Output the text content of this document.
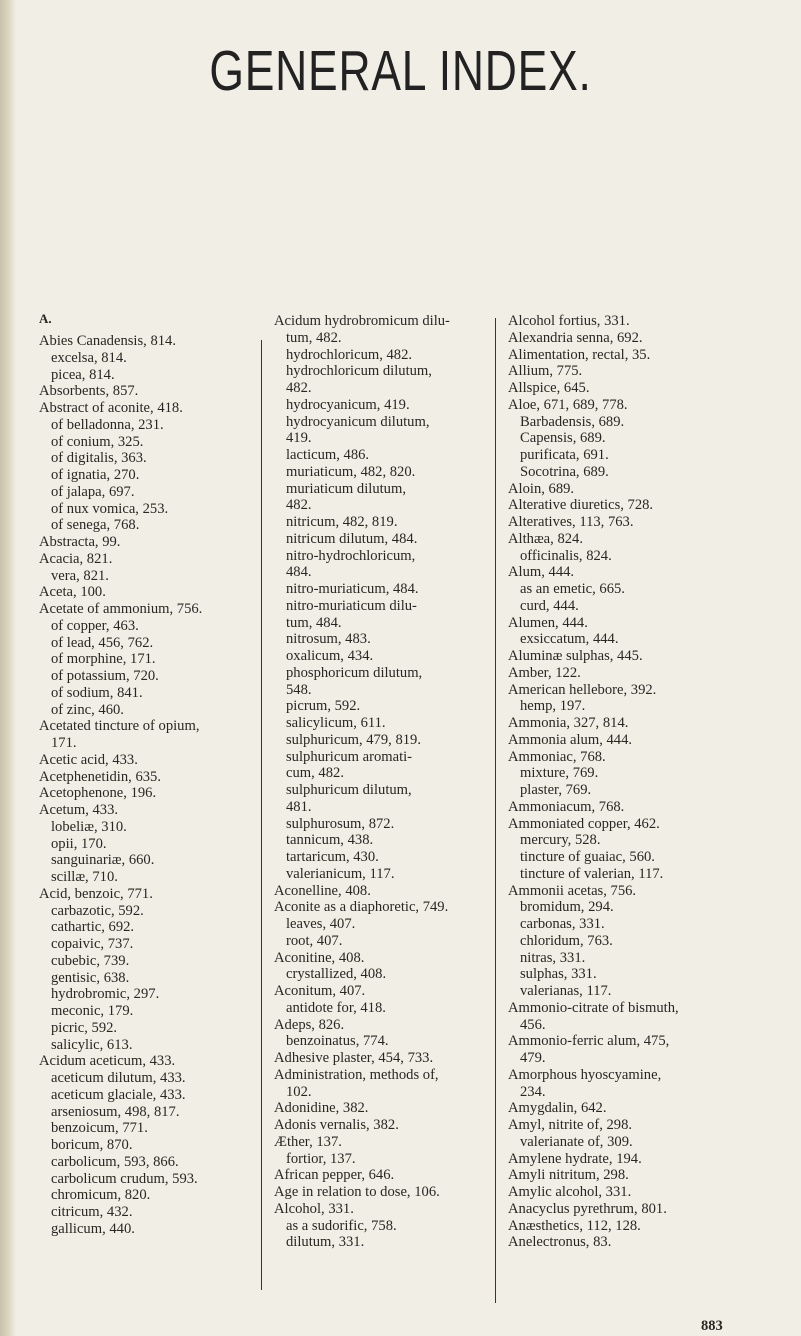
GENERAL INDEX.
A.
Abies Canadensis, 814.
excelsa, 814.
picea, 814.
Absorbents, 857.
Abstract of aconite, 418.
of belladonna, 231.
of conium, 325.
of digitalis, 363.
of ignatia, 270.
of jalapa, 697.
of nux vomica, 253.
of senega, 768.
Abstracta, 99.
Acacia, 821.
vera, 821.
Aceta, 100.
Acetate of ammonium, 756.
of copper, 463.
of lead, 456, 762.
of morphine, 171.
of potassium, 720.
of sodium, 841.
of zinc, 460.
Acetated tincture of opium,
171.
Acetic acid, 433.
Acetphenetidin, 635.
Acetophenone, 196.
Acetum, 433.
lobeliæ, 310.
opii, 170.
sanguinariæ, 660.
scillæ, 710.
Acid, benzoic, 771.
carbazotic, 592.
cathartic, 692.
copaivic, 737.
cubebic, 739.
gentisic, 638.
hydrobromic, 297.
meconic, 179.
picric, 592.
salicylic, 613.
Acidum aceticum, 433.
aceticum dilutum, 433.
aceticum glaciale, 433.
arseniosum, 498, 817.
benzoicum, 771.
boricum, 870.
carbolicum, 593, 866.
carbolicum crudum, 593.
chromicum, 820.
citricum, 432.
gallicum, 440.
Acidum hydrobromicum dilu-
tum, 482.
hydrochloricum, 482.
hydrochloricum dilutum,
482.
hydrocyanicum, 419.
hydrocyanicum dilutum,
419.
lacticum, 486.
muriaticum, 482, 820.
muriaticum dilutum,
482.
nitricum, 482, 819.
nitricum dilutum, 484.
nitro-hydrochloricum,
484.
nitro-muriaticum, 484.
nitro-muriaticum dilu-
tum, 484.
nitrosum, 483.
oxalicum, 434.
phosphoricum dilutum,
548.
picrum, 592.
salicylicum, 611.
sulphuricum, 479, 819.
sulphuricum aromati-
cum, 482.
sulphuricum dilutum,
481.
sulphurosum, 872.
tannicum, 438.
tartaricum, 430.
valerianicum, 117.
Aconelline, 408.
Aconite as a diaphoretic, 749.
leaves, 407.
root, 407.
Aconitine, 408.
crystallized, 408.
Aconitum, 407.
antidote for, 418.
Adeps, 826.
benzoinatus, 774.
Adhesive plaster, 454, 733.
Administration, methods of,
102.
Adonidine, 382.
Adonis vernalis, 382.
Æther, 137.
fortior, 137.
African pepper, 646.
Age in relation to dose, 106.
Alcohol, 331.
as a sudorific, 758.
dilutum, 331.
Alcohol fortius, 331.
Alexandria senna, 692.
Alimentation, rectal, 35.
Allium, 775.
Allspice, 645.
Aloe, 671, 689, 778.
Barbadensis, 689.
Capensis, 689.
purificata, 691.
Socotrina, 689.
Aloin, 689.
Alterative diuretics, 728.
Alteratives, 113, 763.
Althæa, 824.
officinalis, 824.
Alum, 444.
as an emetic, 665.
curd, 444.
Alumen, 444.
exsiccatum, 444.
Aluminæ sulphas, 445.
Amber, 122.
American hellebore, 392.
hemp, 197.
Ammonia, 327, 814.
Ammonia alum, 444.
Ammoniac, 768.
mixture, 769.
plaster, 769.
Ammoniacum, 768.
Ammoniated copper, 462.
mercury, 528.
tincture of guaiac, 560.
tincture of valerian, 117.
Ammonii acetas, 756.
bromidum, 294.
carbonas, 331.
chloridum, 763.
nitras, 331.
sulphas, 331.
valerianas, 117.
Ammonio-citrate of bismuth,
456.
Ammonio-ferric alum, 475,
479.
Amorphous hyoscyamine,
234.
Amygdalin, 642.
Amyl, nitrite of, 298.
valerianate of, 309.
Amylene hydrate, 194.
Amyli nitritum, 298.
Amylic alcohol, 331.
Anacyclus pyrethrum, 801.
Anæsthetics, 112, 128.
Anelectronus, 83.
883
